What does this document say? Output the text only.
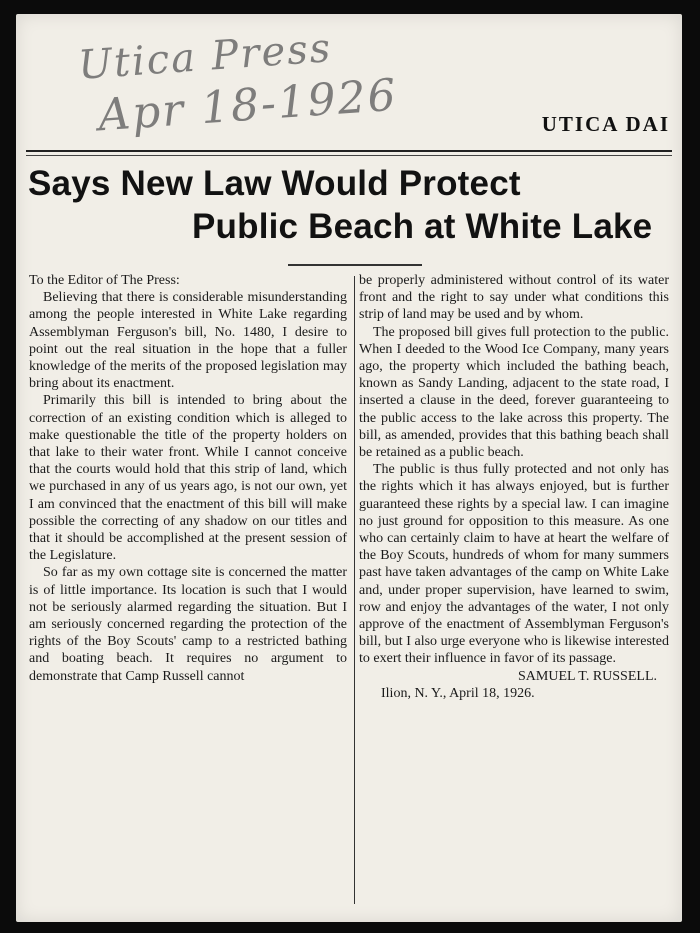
Utica Press
Apr 18-1926	UTICA DAI
Says New Law Would Protect
Public Beach at White Lake

To the Editor of The Press:

Believing that there is considerable misunderstanding among the people interested in White Lake regarding Assemblyman Ferguson's bill, No. 1480, I desire to point out the real situation in the hope that a fuller knowledge of the merits of the proposed legislation may bring about its enactment.

Primarily this bill is intended to bring about the correction of an existing condition which is alleged to make questionable the title of the property holders on that lake to their water front. While I cannot conceive that the courts would hold that this strip of land, which we purchased in any of us years ago, is not our own, yet I am convinced that the enactment of this bill will make possible the correcting of any shadow on our titles and that it should be accomplished at the present session of the Legislature.

So far as my own cottage site is concerned the matter is of little importance. Its location is such that I would not be seriously alarmed regarding the situation. But I am seriously concerned regarding the protection of the rights of the Boy Scouts' camp to a restricted bathing and boating beach. It requires no argument to demonstrate that Camp Russell cannot

be properly administered without control of its water front and the right to say under what conditions this strip of land may be used and by whom.

The proposed bill gives full protection to the public. When I deeded to the Wood Ice Company, many years ago, the property which included the bathing beach, known as Sandy Landing, adjacent to the state road, I inserted a clause in the deed, forever guaranteeing to the public access to the lake across this property. The bill, as amended, provides that this bathing beach shall be retained as a public beach.

The public is thus fully protected and not only has the rights which it has always enjoyed, but is further guaranteed these rights by a special law. I can imagine no just ground for opposition to this measure. As one who can certainly claim to have at heart the welfare of the Boy Scouts, hundreds of whom for many summers past have taken advantages of the camp on White Lake and, under proper supervision, have learned to swim, row and enjoy the advantages of the water, I not only approve of the enactment of Assemblyman Ferguson's bill, but I also urge everyone who is likewise interested to exert their influence in favor of its passage.

SAMUEL T. RUSSELL.

Ilion, N. Y., April 18, 1926.
